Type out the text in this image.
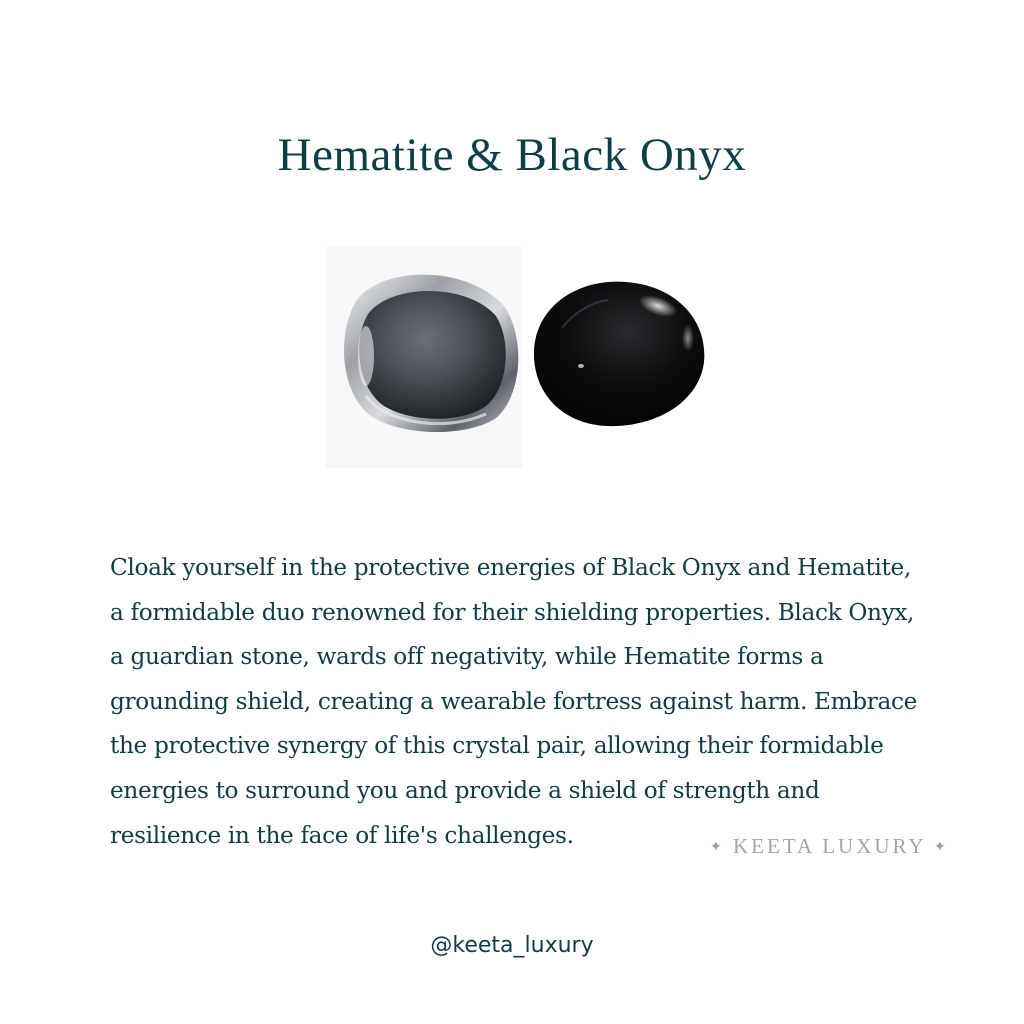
Hematite & Black Onyx

Cloak yourself in the protective energies of Black Onyx and Hematite, a formidable duo renowned for their shielding properties. Black Onyx, a guardian stone, wards off negativity, while Hematite forms a grounding shield, creating a wearable fortress against harm. Embrace the protective synergy of this crystal pair, allowing their formidable energies to surround you and provide a shield of strength and resilience in the face of life's challenges.	✦ KEETA LUXURY ✦
@keeta_luxury
